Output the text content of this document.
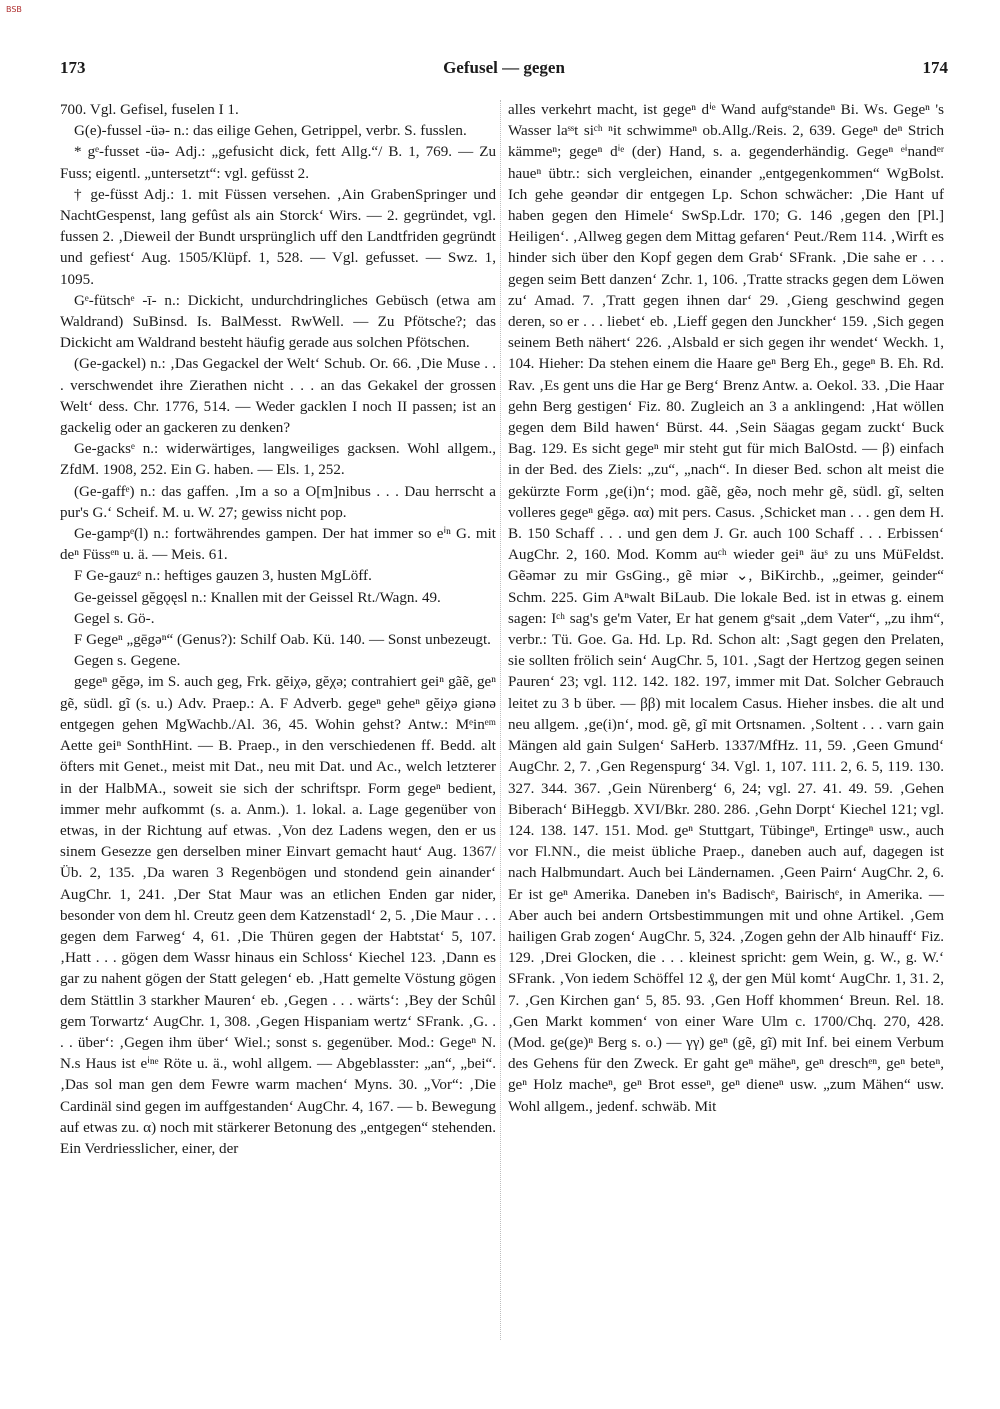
BSB
173	Gefusel — gegen	174

700. Vgl. Gefisel, fuselen I 1.

G(e)-fussel -üə- n.: das eilige Gehen, Getrippel, verbr. S. fusslen.

* gᵉ-fusset -üə- Adj.: „gefusicht dick, fett Allg.“/ B. 1, 769. — Zu Fuss; eigentl. „untersetzt“: vgl. gefüsst 2.

† ge-füsst Adj.: 1. mit Füssen versehen. ‚Ain GrabenSpringer und NachtGespenst, lang gefûst als ain Storck‘ Wirs. — 2. gegründet, vgl. fussen 2. ‚Dieweil der Bundt ursprünglich uff den Landtfriden gegründt und gefiest‘ Aug. 1505/Klüpf. 1, 528. — Vgl. gefusset. — Swz. 1, 1095.

Gᵉ-fütschᵉ -ī- n.: Dickicht, undurchdringliches Gebüsch (etwa am Waldrand) SuBinsd. Is. BalMesst. RwWell. — Zu Pfötsche?; das Dickicht am Waldrand besteht häufig gerade aus solchen Pfötschen.

(Ge-gackel) n.: ‚Das Gegackel der Welt‘ Schub. Or. 66. ‚Die Muse . . . verschwendet ihre Zierathen nicht . . . an das Gekakel der grossen Welt‘ dess. Chr. 1776, 514. — Weder gacklen I noch II passen; ist an gackelig oder an gackeren zu denken?

Ge-gacksᵉ n.: widerwärtiges, langweiliges gacksen. Wohl allgem., ZfdM. 1908, 252. Ein G. haben. — Els. 1, 252.

(Ge-gaffᵉ) n.: das gaffen. ‚Im a so a O[m]nibus . . . Dau herrscht a pur's G.‘ Scheif. M. u. W. 27; gewiss nicht pop.

Ge-gampᵉ(l) n.: fortwährendes gampen. Der hat immer so eⁱⁿ G. mit deⁿ Füssᵉⁿ u. ä. — Meis. 61.

F Ge-gauzᵉ n.: heftiges gauzen 3, husten MgLöff.

Ge-geissel gĕgǫęsl n.: Knallen mit der Geissel Rt./Wagn. 49.

Gegel s. Gö-.

F Gegeⁿ „gēgəⁿ“ (Genus?): Schilf Oab. Kü. 140. — Sonst unbezeugt.

Gegen s. Gegene.

gegeⁿ gĕgə, im S. auch geg, Frk. gĕiχə, gĕχə; contrahiert geiⁿ gãẽ, geⁿ gẽ, südl. gĩ (s. u.) Adv. Praep.: A. F Adverb. gegeⁿ geheⁿ gĕiχə giənə entgegen gehen MgWachb./Al. 36, 45. Wohin gehst? Antw.: Mᵉinᵉᵐ Aette geiⁿ SonthHint. — B. Praep., in den verschiedenen ff. Bedd. alt öfters mit Genet., meist mit Dat., neu mit Dat. und Ac., welch letzterer in der HalbMA., soweit sie sich der schriftspr. Form gegeⁿ bedient, immer mehr aufkommt (s. a. Anm.). 1. lokal. a. Lage gegenüber von etwas, in der Richtung auf etwas. ‚Von dez Ladens wegen, den er us sinem Gesezze gen derselben miner Einvart gemacht haut‘ Aug. 1367/Üb. 2, 135. ‚Da waren 3 Regenbögen und stondend gein ainander‘ AugChr. 1, 241. ‚Der Stat Maur was an etlichen Enden gar nider, besonder von dem hl. Creutz geen dem Katzenstadl‘ 2, 5. ‚Die Maur . . . gegen dem Farweg‘ 4, 61. ‚Die Thüren gegen der Habtstat‘ 5, 107. ‚Hatt . . . gögen dem Wassr hinaus ein Schloss‘ Kiechel 123. ‚Dann es gar zu nahent gögen der Statt gelegen‘ eb. ‚Hatt gemelte Vöstung gögen dem Stättlin 3 starkher Mauren‘ eb. ‚Gegen . . . wärts‘: ‚Bey der Schûl gem Torwartz‘ AugChr. 1, 308. ‚Gegen Hispaniam wertz‘ SFrank. ‚G. . . . über‘: ‚Gegen ihm über‘ Wiel.; sonst s. gegenüber. Mod.: Gegeⁿ N. N.s Haus ist eⁱⁿᵉ Röte u. ä., wohl allgem. — Abgeblasster: „an“, „bei“. ‚Das sol man gen dem Fewre warm machen‘ Myns. 30. „Vor“: ‚Die Cardinäl sind gegen im auffgestanden‘ AugChr. 4, 167. — b. Bewegung auf etwas zu. α) noch mit stärkerer Betonung des „entgegen“ stehenden. Ein Verdriesslicher, einer, der

alles verkehrt macht, ist gegeⁿ dⁱᵉ Wand aufgᵉstandeⁿ Bi. Ws. Gegeⁿ 's Wasser laˢˢt siᶜʰ ⁿit schwimmeⁿ ob.Allg./Reis. 2, 639. Gegeⁿ deⁿ Strich kämmeⁿ; gegeⁿ dⁱᵉ (der) Hand, s. a. gegenderhändig. Gegeⁿ ᵉⁱnandᵉʳ haueⁿ übtr.: sich vergleichen, einander „entgegenkommen“ WgBolst. Ich gehe geəndər dir entgegen Lp. Schon schwächer: ‚Die Hant uf haben gegen den Himele‘ SwSp.Ldr. 170; G. 146 ‚gegen den [Pl.] Heiligen‘. ‚Allweg gegen dem Mittag gefaren‘ Peut./Rem 114. ‚Wirft es hinder sich über den Kopf gegen dem Grab‘ SFrank. ‚Die sahe er . . . gegen seim Bett danzen‘ Zchr. 1, 106. ‚Tratte stracks gegen dem Löwen zu‘ Amad. 7. ‚Tratt gegen ihnen dar‘ 29. ‚Gieng geschwind gegen deren, so er . . . liebet‘ eb. ‚Lieff gegen den Junckher‘ 159. ‚Sich gegen seinem Beth nähert‘ 226. ‚Alsbald er sich gegen ihr wendet‘ Weckh. 1, 104. Hieher: Da stehen einem die Haare geⁿ Berg Eh., gegeⁿ B. Eh. Rd. Rav. ‚Es gent uns die Har ge Berg‘ Brenz Antw. a. Oekol. 33. ‚Die Haar gehn Berg gestigen‘ Fiz. 80. Zugleich an 3 a anklingend: ‚Hat wöllen gegen dem Bild hawen‘ Bürst. 44. ‚Sein Säagas gegam zuckt‘ Buck Bag. 129. Es sicht gegeⁿ mir steht gut für mich BalOstd. — β) einfach in der Bed. des Ziels: „zu“, „nach“. In dieser Bed. schon alt meist die gekürzte Form ‚ge(i)n‘; mod. gãẽ, gẽə, noch mehr gẽ, südl. gĩ, selten volleres gegeⁿ gĕgə. αα) mit pers. Casus. ‚Schicket man . . . gen dem H. B. 150 Schaff . . . und gen dem J. Gr. auch 100 Schaff . . . Erbissen‘ AugChr. 2, 160. Mod. Komm auᶜʰ wieder geiⁿ äuˢ zu uns MüFeldst. Gẽəmər zu mir GsGing., gẽ miər ⌄, BiKirchb., „geimer, geinder“ Schm. 225. Gim Aⁿwalt BiLaub. Die lokale Bed. ist in etwas g. einem sagen: Iᶜʰ sag's ge'm Vater, Er hat genem gᵉsait „dem Vater“, „zu ihm“, verbr.: Tü. Goe. Ga. Hd. Lp. Rd. Schon alt: ‚Sagt gegen den Prelaten, sie sollten frölich sein‘ AugChr. 5, 101. ‚Sagt der Hertzog gegen seinen Pauren‘ 23; vgl. 112. 142. 182. 197, immer mit Dat. Solcher Gebrauch leitet zu 3 b über. — ββ) mit localem Casus. Hieher insbes. die alt und neu allgem. ‚ge(i)n‘, mod. gẽ, gĩ mit Ortsnamen. ‚Soltent . . . varn gain Mängen ald gain Sulgen‘ SaHerb. 1337/MfHz. 11, 59. ‚Geen Gmund‘ AugChr. 2, 7. ‚Gen Regenspurg‘ 34. Vgl. 1, 107. 111. 2, 6. 5, 119. 130. 327. 344. 367. ‚Gein Nürenberg‘ 6, 24; vgl. 27. 41. 49. 59. ‚Gehen Biberach‘ BiHeggb. XVI/Bkr. 280. 286. ‚Gehn Dorpt‘ Kiechel 121; vgl. 124. 138. 147. 151. Mod. geⁿ Stuttgart, Tübingeⁿ, Ertingeⁿ usw., auch vor Fl.NN., die meist übliche Praep., daneben auch auf, dagegen ist nach Halbmundart. Auch bei Ländernamen. ‚Geen Pairn‘ AugChr. 2, 6. Er ist geⁿ Amerika. Daneben in's Badischᵉ, Bairischᵉ, in Amerika. — Aber auch bei andern Ortsbestimmungen mit und ohne Artikel. ‚Gem hailigen Grab zogen‘ AugChr. 5, 324. ‚Zogen gehn der Alb hinauff‘ Fiz. 129. ‚Drei Glocken, die . . . kleinest spricht: gem Wein, g. W., g. W.‘ SFrank. ‚Von iedem Schöffel 12 ₰, der gen Mül komt‘ AugChr. 1, 31. 2, 7. ‚Gen Kirchen gan‘ 5, 85. 93. ‚Gen Hoff khommen‘ Breun. Rel. 18. ‚Gen Markt kommen‘ von einer Ware Ulm c. 1700/Chq. 270, 428. (Mod. ge(ge)ⁿ Berg s. o.) — γγ) geⁿ (gẽ, gĩ) mit Inf. bei einem Verbum des Gehens für den Zweck. Er gaht geⁿ mäheⁿ, geⁿ dreschᵉⁿ, geⁿ beteⁿ, geⁿ Holz macheⁿ, geⁿ Brot esseⁿ, geⁿ dieneⁿ usw. „zum Mähen“ usw. Wohl allgem., jedenf. schwäb. Mit
